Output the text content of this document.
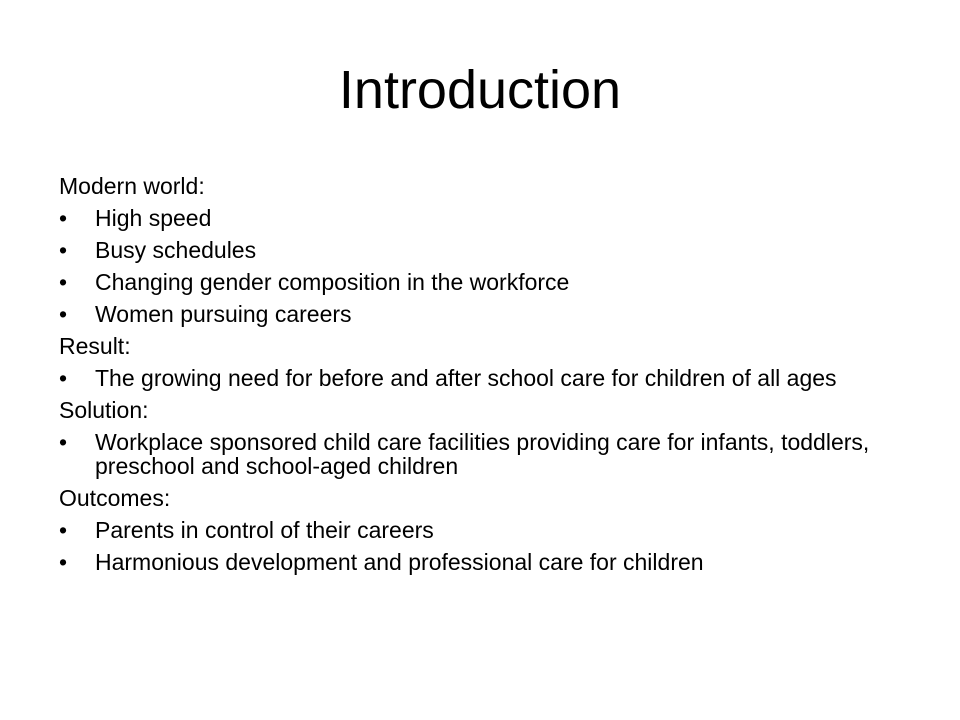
Introduction
Modern world:
•	High speed
•	Busy schedules
•	Changing gender composition in the workforce
•	Women pursuing careers
Result:
•	The growing need for before and after school care for children of all ages
Solution:
•	Workplace sponsored child care facilities providing care for infants, toddlers, preschool and school-aged children
Outcomes:
•	Parents in control of their careers
•	Harmonious development and professional care for children
